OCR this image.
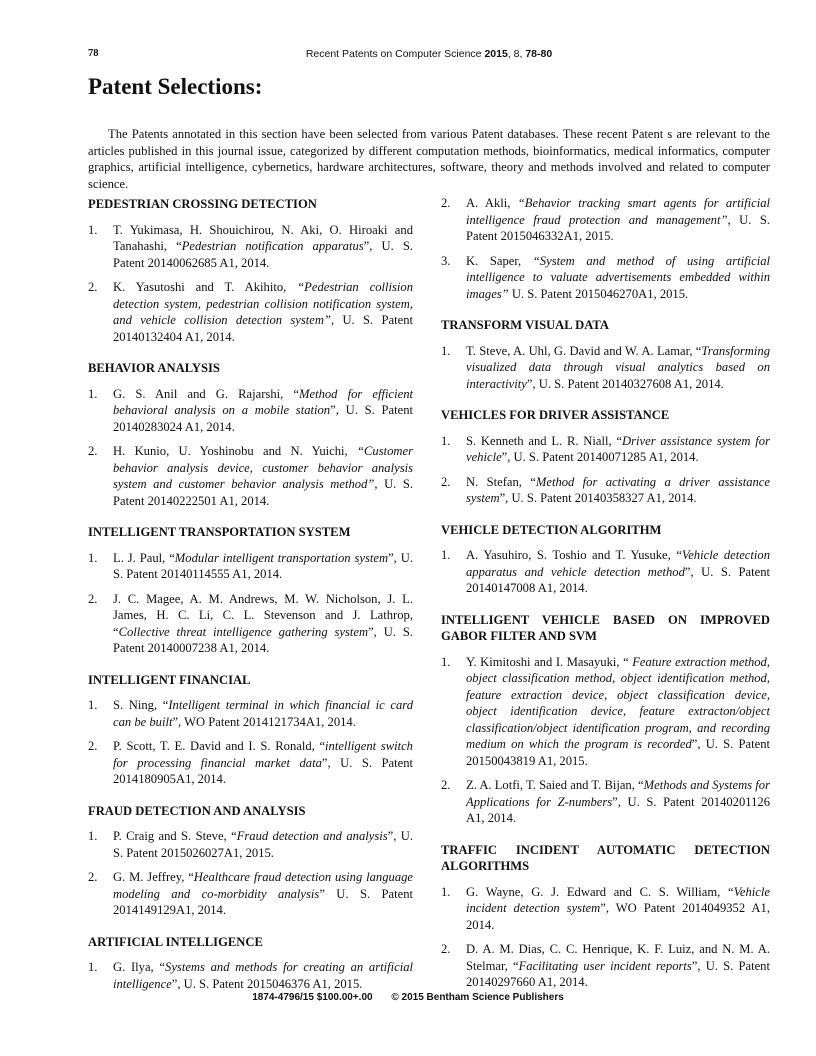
78	Recent Patents on Computer Science 2015, 8, 78-80
Patent Selections:

The Patents annotated in this section have been selected from various Patent databases. These recent Patent s are relevant to the articles published in this journal issue, categorized by different computation methods, bioinformatics, medical informatics, computer graphics, artificial intelligence, cybernetics, hardware architectures, software, theory and methods involved and related to computer science.

PEDESTRIAN CROSSING DETECTION
1.	T. Yukimasa, H. Shouichirou, N. Aki, O. Hiroaki and Tanahashi, “Pedestrian notification apparatus”, U. S. Patent 20140062685 A1, 2014.
2.	K. Yasutoshi and T. Akihito, “Pedestrian collision detection system, pedestrian collision notification system, and vehicle collision detection system”, U. S. Patent 20140132404 A1, 2014.
BEHAVIOR ANALYSIS
1.	G. S. Anil and G. Rajarshi, “Method for efficient behavioral analysis on a mobile station”, U. S. Patent 20140283024 A1, 2014.
2.	H. Kunio, U. Yoshinobu and N. Yuichi, “Customer behavior analysis device, customer behavior analysis system and customer behavior analysis method”, U. S. Patent 20140222501 A1, 2014.
INTELLIGENT TRANSPORTATION SYSTEM
1.	L. J. Paul, “Modular intelligent transportation system”, U. S. Patent 20140114555 A1, 2014.
2.	J. C. Magee, A. M. Andrews, M. W. Nicholson, J. L. James, H. C. Li, C. L. Stevenson and J. Lathrop, “Collective threat intelligence gathering system”, U. S. Patent 20140007238 A1, 2014.
INTELLIGENT FINANCIAL
1.	S. Ning, “Intelligent terminal in which financial ic card can be built”, WO Patent 2014121734A1, 2014.
2.	P. Scott, T. E. David and I. S. Ronald, “intelligent switch for processing financial market data”, U. S. Patent 2014180905A1, 2014.
FRAUD DETECTION AND ANALYSIS
1.	P. Craig and S. Steve, “Fraud detection and analysis”, U. S. Patent 2015026027A1, 2015.
2.	G. M. Jeffrey, “Healthcare fraud detection using language modeling and co-morbidity analysis” U. S. Patent 2014149129A1, 2014.
ARTIFICIAL INTELLIGENCE
1.	G. Ilya, “Systems and methods for creating an artificial intelligence”, U. S. Patent 2015046376 A1, 2015.
2.	A. Akli, “Behavior tracking smart agents for artificial intelligence fraud protection and management”, U. S. Patent 2015046332A1, 2015.
3.	K. Saper, “System and method of using artificial intelligence to valuate advertisements embedded within images” U. S. Patent 2015046270A1, 2015.
TRANSFORM VISUAL DATA
1.	T. Steve, A. Uhl, G. David and W. A. Lamar, “Transforming visualized data through visual analytics based on interactivity”, U. S. Patent 20140327608 A1, 2014.
VEHICLES FOR DRIVER ASSISTANCE
1.	S. Kenneth and L. R. Niall, “Driver assistance system for vehicle”, U. S. Patent 20140071285 A1, 2014.
2.	N. Stefan, “Method for activating a driver assistance system”, U. S. Patent 20140358327 A1, 2014.
VEHICLE DETECTION ALGORITHM
1.	A. Yasuhiro, S. Toshio and T. Yusuke, “Vehicle detection apparatus and vehicle detection method”, U. S. Patent 20140147008 A1, 2014.
INTELLIGENT VEHICLE BASED ON IMPROVED GABOR FILTER AND SVM
1.	Y. Kimitoshi and I. Masayuki, “ Feature extraction method, object classification method, object identification method, feature extraction device, object classification device, object identification device, feature extracton/object classification/object identification program, and recording medium on which the program is recorded”, U. S. Patent 20150043819 A1, 2015.
2.	Z. A. Lotfi, T. Saied and T. Bijan, “Methods and Systems for Applications for Z-numbers”, U. S. Patent 20140201126 A1, 2014.
TRAFFIC INCIDENT AUTOMATIC DETECTION ALGORITHMS
1.	G. Wayne, G. J. Edward and C. S. William, “Vehicle incident detection system”, WO Patent 2014049352 A1, 2014.
2.	D. A. M. Dias, C. C. Henrique, K. F. Luiz, and N. M. A. Stelmar, “Facilitating user incident reports”, U. S. Patent 20140297660 A1, 2014.
1874-4796/15 $100.00+.00 © 2015 Bentham Science Publishers
